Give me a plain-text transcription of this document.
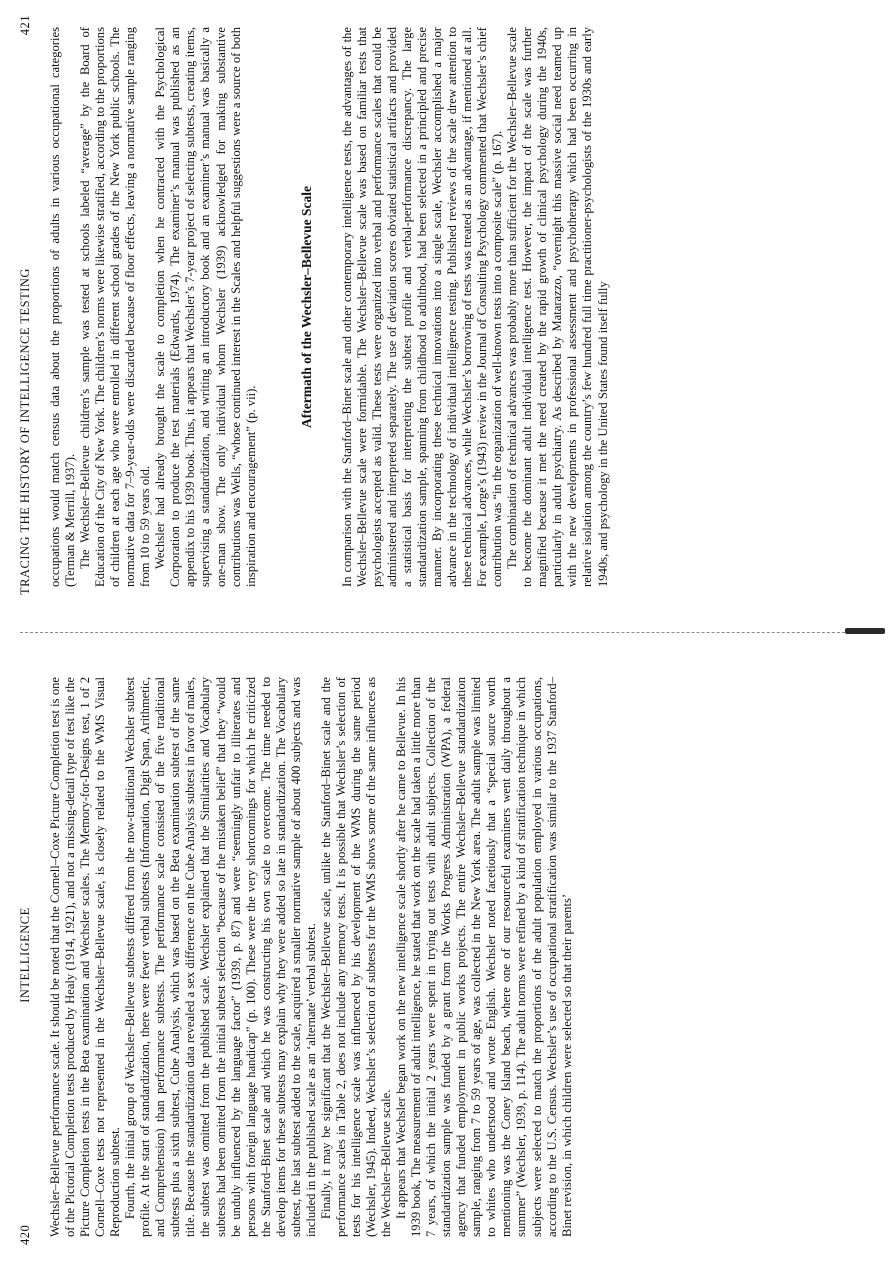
420
INTELLIGENCE Wechsler–Bellevue performance scale. It should be noted that the Cornell–Coxe Picture Completion test is one of the Pictorial Completion tests produced by Healy (1914, 1921), and not a missing-detail type of test like the Picture Completion tests in the Beta examination and Wechsler scales. The Memory-for-Designs test, 1 of 2 Cornell–Coxe tests not represented in the Wechsler–Bellevue scale, is closely related to the WMS Visual Reproduction subtest. Fourth, the initial group of Wechsler–Bellevue subtests differed from the now-traditional Wechsler subtest profile. At the start of standardization, there were fewer verbal subtests (Information, Digit Span, Arithmetic, and Comprehension) than performance subtests. The performance scale consisted of the five traditional subtests plus a sixth subtest, Cube Analysis, which was based on the Beta examination subtest of the same title. Because the standardization data revealed a sex difference on the Cube Analysis subtest in favor of males, the subtest was omitted from the published scale. Wechsler explained that the Similarities and Vocabulary subtests had been omitted from the initial subtest selection “because of the mistaken belief” that they “would be unduly influenced by the language factor” (1939, p. 87) and were “seemingly unfair to illiterates and persons with foreign language handicap” (p. 100). These were the very shortcomings for which he criticized the Stanford–Binet scale and which he was constructing his own scale to overcome. The time needed to develop items for these subtests may explain why they were added so late in standardization. The Vocabulary subtest, the last subtest added to the scale, acquired a smaller normative sample of about 400 subjects and was included in the published scale as an ‘alternate’ verbal subtest. Finally, it may be significant that the Wechsler–Bellevue scale, unlike the Stanford–Binet scale and the performance scales in Table 2, does not include any memory tests. It is possible that Wechsler’s selection of tests for his intelligence scale was influenced by his development of the WMS during the same period (Wechsler, 1945). Indeed, Wechsler’s selection of subtests for the WMS shows some of the same influences as the Wechsler–Bellevue scale. It appears that Wechsler began work on the new intelligence scale shortly after he came to Bellevue. In his 1939 book, The measurement of adult intelligence, he stated that work on the scale had taken a little more than 7 years, of which the initial 2 years were spent in trying out tests with adult subjects. Collection of the standardization sample was funded by a grant from the Works Progress Administration (WPA), a federal agency that funded employment in public works projects. The entire Wechsler–Bellevue standardization sample, ranging from 7 to 59 years of age, was collected in the New York area. The adult sample was limited to whites who understood and wrote English. Wechsler noted facetiously that a “special source worth mentioning was the Coney Island beach, where one of our resourceful examiners went daily throughout a summer” (Wechsler, 1939, p. 114). The adult norms were refined by a kind of stratification technique in which subjects were selected to match the proportions of the adult population employed in various occupations, according to the U.S. Census. Wechsler’s use of occupational stratification was similar to the 1937 Stanford–Binet revision, in which children were selected so that their parents’

TRACING THE HISTORY OF INTELLIGENCE TESTING
421

occupations would match census data about the proportions of adults in various occupational categories (Terman & Merrill, 1937). The Wechsler–Bellevue children’s sample was tested at schools labeled “average” by the Board of Education of the City of New York. The children’s norms were likewise stratified, according to the proportions of children at each age who were enrolled in different school grades of the New York public schools. The normative data for 7–9-year-olds were discarded because of floor effects, leaving a normative sample ranging from 10 to 59 years old. Wechsler had already brought the scale to completion when he contracted with the Psychological Corporation to produce the test materials (Edwards, 1974). The examiner’s manual was published as an appendix to his 1939 book. Thus, it appears that Wechsler’s 7-year project of selecting subtests, creating items, supervising a standardization, and writing an introductory book and an examiner’s manual was basically a one-man show. The only individual whom Wechsler (1939) acknowledged for making substantive contributions was Wells, “whose continued interest in the Scales and helpful suggestions were a source of both inspiration and encouragement” (p. vii).

Aftermath of the Wechsler–Bellevue Scale In comparison with the Stanford–Binet scale and other contemporary intelligence tests, the advantages of the Wechsler–Bellevue scale were formidable. The Wechsler–Bellevue scale was based on familiar tests that psychologists accepted as valid. These tests were organized into verbal and performance scales that could be administered and interpreted separately. The use of deviation scores obviated statistical artifacts and provided a statistical basis for interpreting the subtest profile and verbal-performance discrepancy. The large standardization sample, spanning from childhood to adulthood, had been selected in a principled and precise manner. By incorporating these technical innovations into a single scale, Wechsler accomplished a major advance in the technology of individual intelligence testing. Published reviews of the scale drew attention to these technical advances, while Wechsler’s borrowing of tests was treated as an advantage, if mentioned at all. For example, Lorge’s (1943) review in the Journal of Consulting Psychology commented that Wechsler’s chief contribution was “in the organization of well-known tests into a composite scale” (p. 167). The combination of technical advances was probably more than sufficient for the Wechsler–Bellevue scale to become the dominant adult individual intelligence test. However, the impact of the scale was further magnified because it met the need created by the rapid growth of clinical psychology during the 1940s, particularly in adult psychiatry. As described by Matarazzo, “overnight this massive social need teamed up with the new developments in professional assessment and psychotherapy which had been occurring in relative isolation among the country’s few hundred full time practitioner-psychologists of the 1930s and early 1940s, and psychology in the United States found itself fully
